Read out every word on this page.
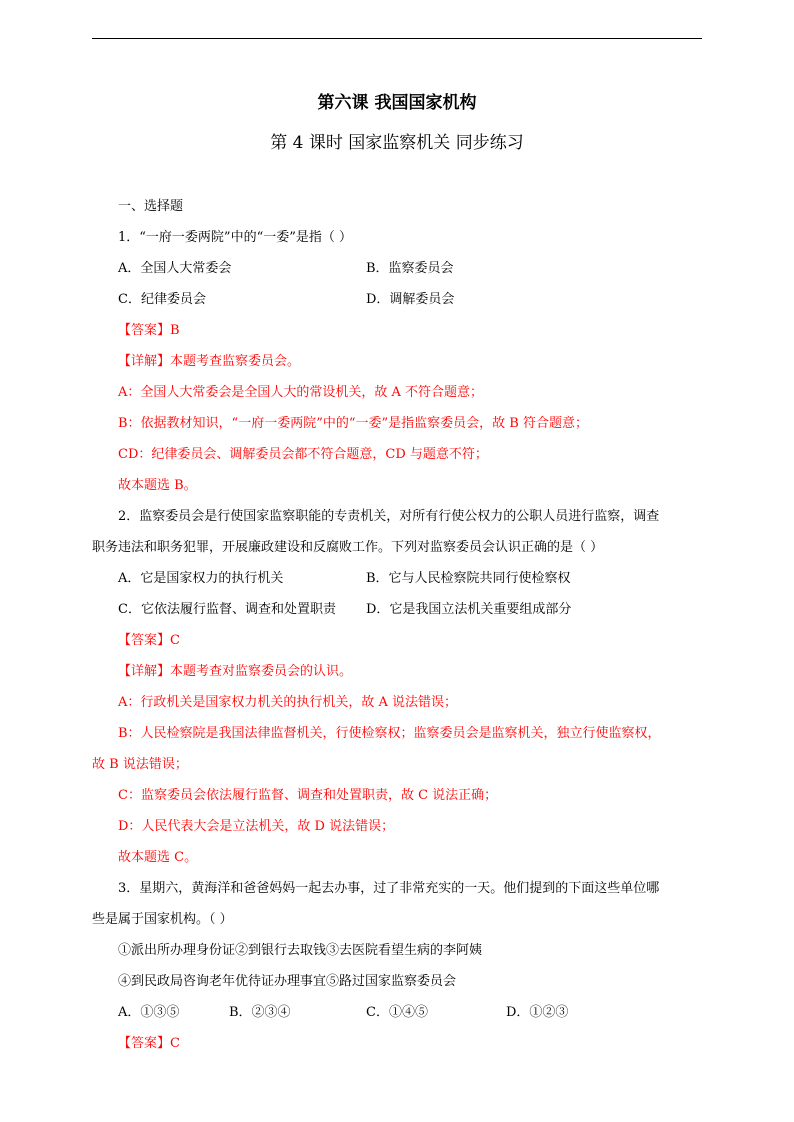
第六课 我国国家机构
第 4 课时 国家监察机关 同步练习
一、选择题
1．“一府一委两院”中的“一委”是指（ ）
A．全国人大常委会	B．监察委员会
C．纪律委员会	D．调解委员会
【答案】B
【详解】本题考查监察委员会。
A：全国人大常委会是全国人大的常设机关，故 A 不符合题意；
B：依据教材知识，“一府一委两院”中的“一委”是指监察委员会，故 B 符合题意；
CD：纪律委员会、调解委员会都不符合题意，CD 与题意不符；
故本题选 B。
2．监察委员会是行使国家监察职能的专责机关，对所有行使公权力的公职人员进行监察，调查
职务违法和职务犯罪，开展廉政建设和反腐败工作。下列对监察委员会认识正确的是（ ）
A．它是国家权力的执行机关	B．它与人民检察院共同行使检察权
C．它依法履行监督、调查和处置职责 D．它是我国立法机关重要组成部分
【答案】C
【详解】本题考查对监察委员会的认识。
A：行政机关是国家权力机关的执行机关，故 A 说法错误；
B：人民检察院是我国法律监督机关，行使检察权；监察委员会是监察机关，独立行使监察权，
故 B 说法错误；
C：监察委员会依法履行监督、调查和处置职责，故 C 说法正确；
D：人民代表大会是立法机关，故 D 说法错误；
故本题选 C。
3．星期六，黄海洋和爸爸妈妈一起去办事，过了非常充实的一天。他们提到的下面这些单位哪
些是属于国家机构。（ ）
①派出所办理身份证②到银行去取钱③去医院看望生病的李阿姨
④到民政局咨询老年优待证办理事宜⑤路过国家监察委员会
A．①③⑤	B．②③④	C．①④⑤	D．①②③
【答案】C
